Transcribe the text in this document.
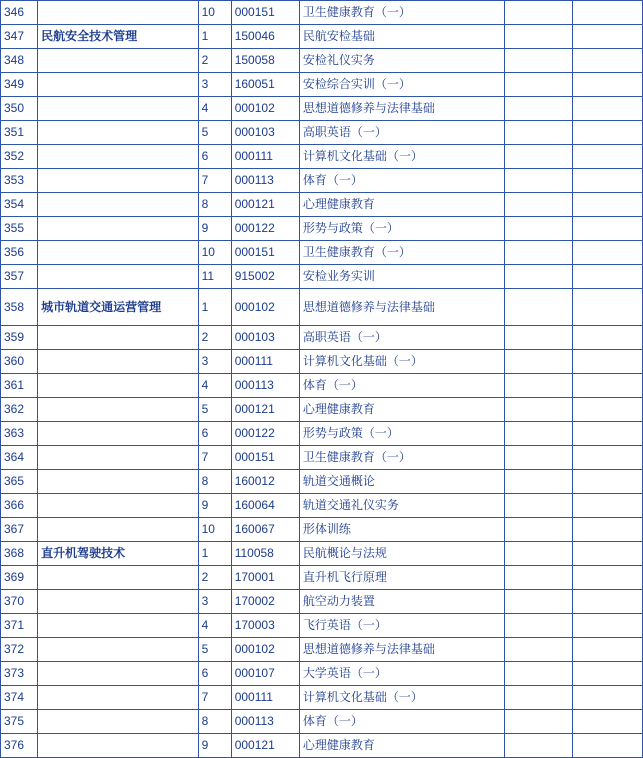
346		10	000151	卫生健康教育（一）		
347	民航安全技术管理	1	150046	民航安检基础		
348		2	150058	安检礼仪实务		
349		3	160051	安检综合实训（一）		
350		4	000102	思想道德修养与法律基础		
351		5	000103	高职英语（一）		
352		6	000111	计算机文化基础（一）		
353		7	000113	体育（一）		
354		8	000121	心理健康教育		
355		9	000122	形势与政策（一）		
356		10	000151	卫生健康教育（一）		
357		11	915002	安检业务实训		
358	城市轨道交通运营管理	1	000102	思想道德修养与法律基础		
359		2	000103	高职英语（一）		
360		3	000111	计算机文化基础（一）		
361		4	000113	体育（一）		
362		5	000121	心理健康教育		
363		6	000122	形势与政策（一）		
364		7	000151	卫生健康教育（一）		
365		8	160012	轨道交通概论		
366		9	160064	轨道交通礼仪实务		
367		10	160067	形体训练		
368	直升机驾驶技术	1	110058	民航概论与法规		
369		2	170001	直升机飞行原理		
370		3	170002	航空动力装置		
371		4	170003	飞行英语（一）		
372		5	000102	思想道德修养与法律基础		
373		6	000107	大学英语（一）		
374		7	000111	计算机文化基础（一）		
375		8	000113	体育（一）		
376		9	000121	心理健康教育		
